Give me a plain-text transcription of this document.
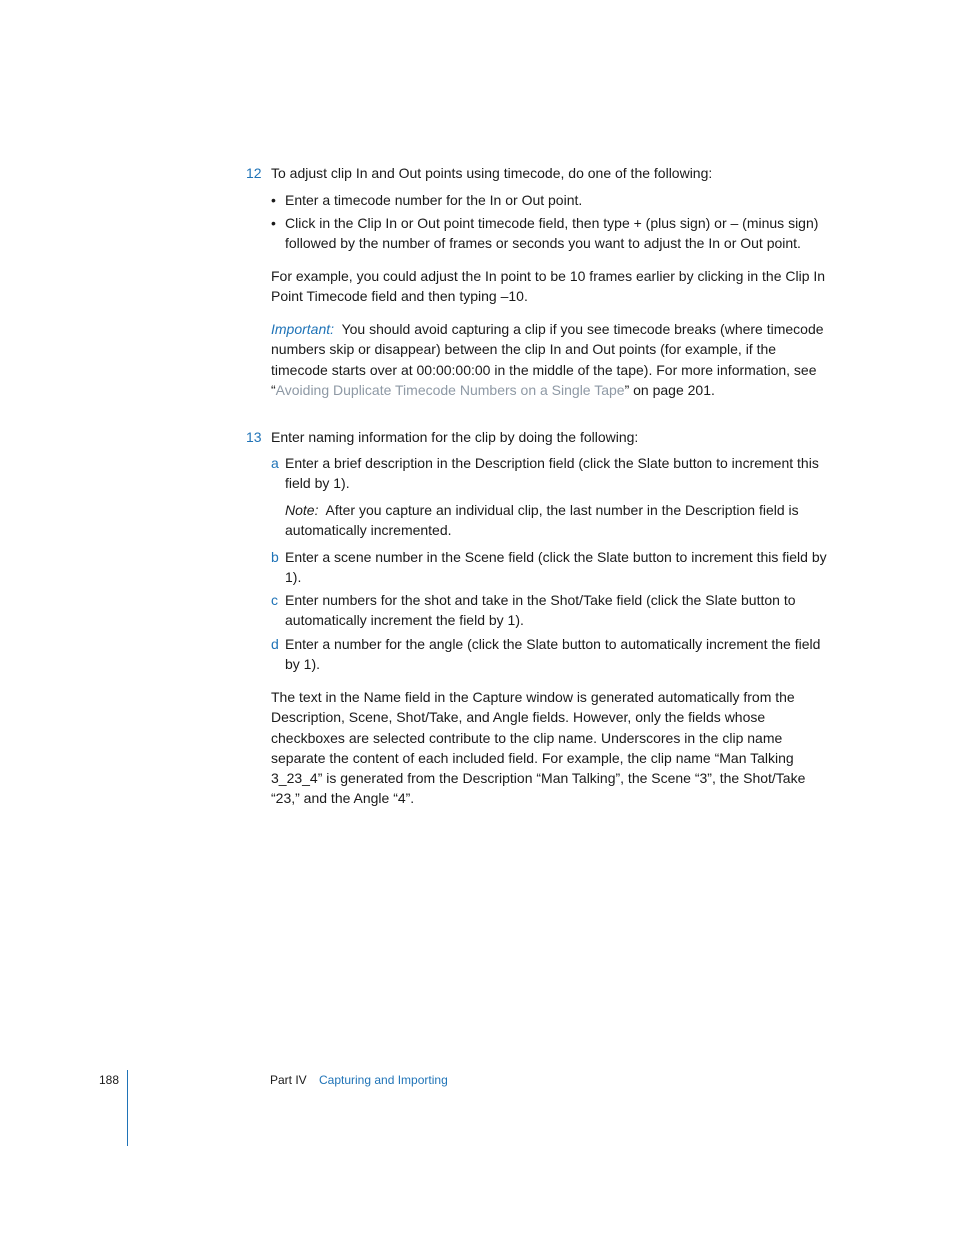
12 To adjust clip In and Out points using timecode, do one of the following:

• Enter a timecode number for the In or Out point.

• Click in the Clip In or Out point timecode field, then type + (plus sign) or – (minus sign) followed by the number of frames or seconds you want to adjust the In or Out point.

For example, you could adjust the In point to be 10 frames earlier by clicking in the Clip In Point Timecode field and then typing –10.

Important: You should avoid capturing a clip if you see timecode breaks (where timecode numbers skip or disappear) between the clip In and Out points (for example, if the timecode starts over at 00:00:00:00 in the middle of the tape). For more information, see “Avoiding Duplicate Timecode Numbers on a Single Tape” on page 201.

13 Enter naming information for the clip by doing the following:

a Enter a brief description in the Description field (click the Slate button to increment this field by 1).

Note: After you capture an individual clip, the last number in the Description field is automatically incremented.

b Enter a scene number in the Scene field (click the Slate button to increment this field by 1).

c Enter numbers for the shot and take in the Shot/Take field (click the Slate button to automatically increment the field by 1).

d Enter a number for the angle (click the Slate button to automatically increment the field by 1).

The text in the Name field in the Capture window is generated automatically from the Description, Scene, Shot/Take, and Angle fields. However, only the fields whose checkboxes are selected contribute to the clip name. Underscores in the clip name separate the content of each included field. For example, the clip name “Man Talking 3_23_4” is generated from the Description “Man Talking”, the Scene “3”, the Shot/Take “23,” and the Angle “4”.

188	Part IV Capturing and Importing
